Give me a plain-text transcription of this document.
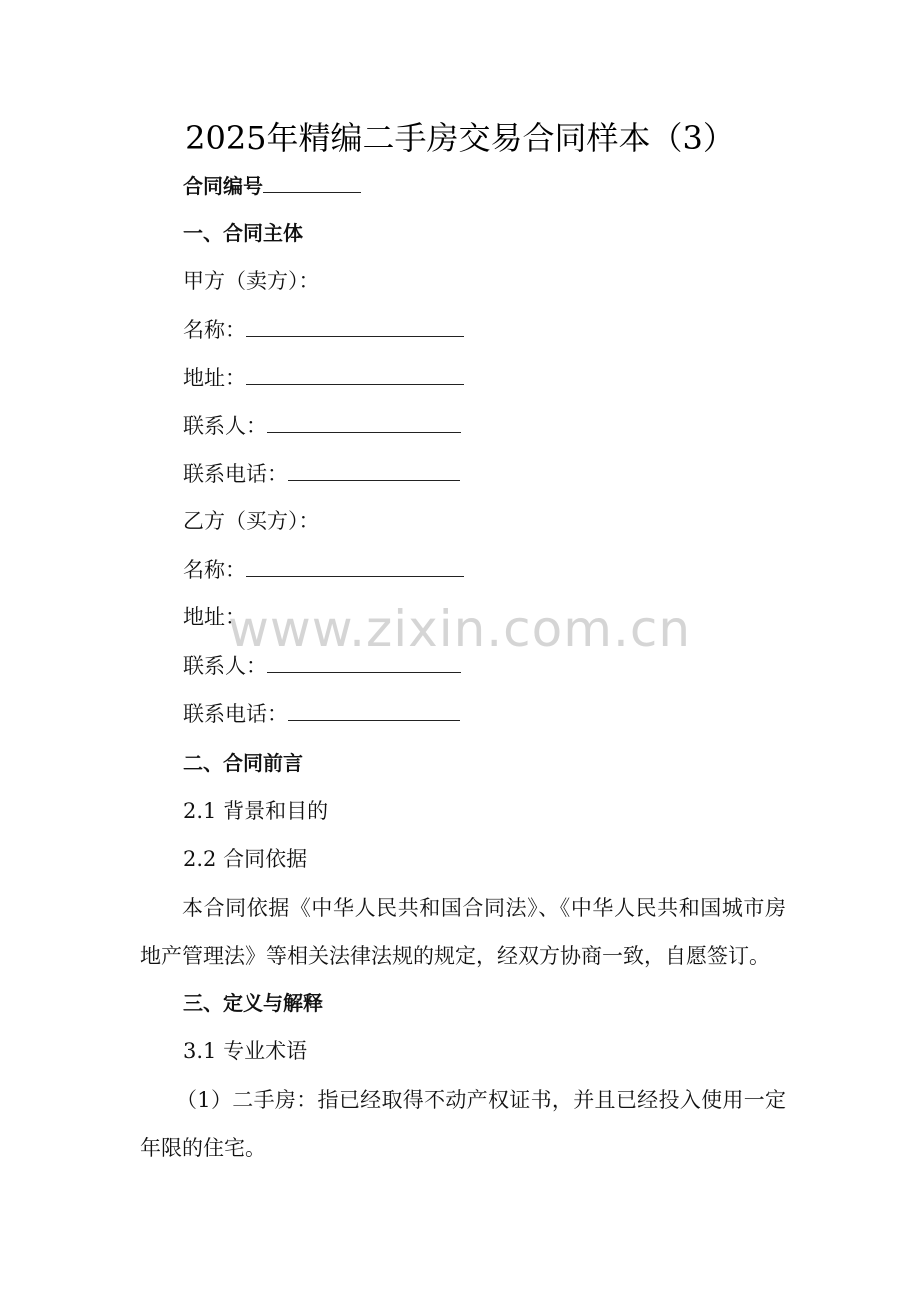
2025年精编二手房交易合同样本（3）
合同编号
一、合同主体
甲方（卖方）：
名称：
地址：
联系人：
联系电话：
乙方（买方）：
名称：
地址：
联系人：
联系电话：
二、合同前言
2.1 背景和目的
2.2 合同依据
本合同依据《中华人民共和国合同法》、《中华人民共和国城市房地产管理法》等相关法律法规的规定，经双方协商一致，自愿签订。
三、定义与解释
3.1 专业术语
（1）二手房：指已经取得不动产权证书，并且已经投入使用一定年限的住宅。
www.zixin.com.cn
